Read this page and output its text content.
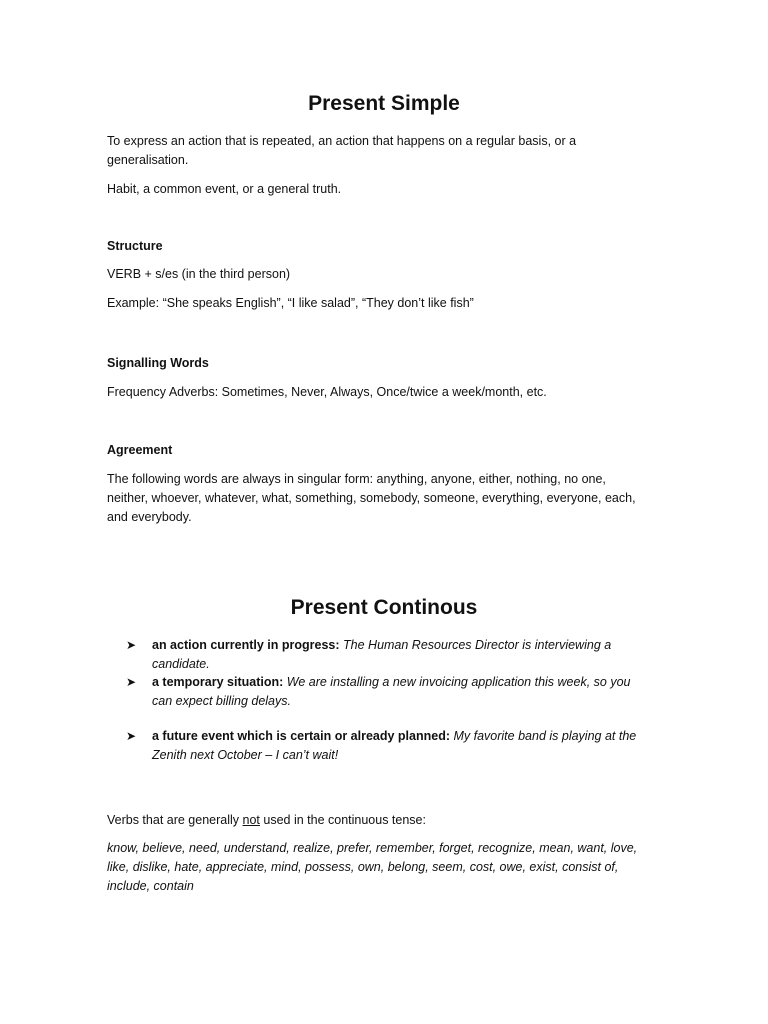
Present Simple

To express an action that is repeated, an action that happens on a regular basis, or a

generalisation.

Habit, a common event, or a general truth.

Structure

VERB + s/es (in the third person)

Example: “She speaks English”, “I like salad”, “They don’t like fish”

Signalling Words

Frequency Adverbs: Sometimes, Never, Always, Once/twice a week/month, etc.

Agreement

The following words are always in singular form: anything, anyone, either, nothing, no one,

neither, whoever, whatever, what, something, somebody, someone, everything, everyone, each,

and everybody.

Present Continous
➤ an action currently in progress: The Human Resources Director is interviewing a candidate.
➤ a temporary situation: We are installing a new invoicing application this week, so you can expect billing delays.
➤ a future event which is certain or already planned: My favorite band is playing at the Zenith next October – I can’t wait!

Verbs that are generally not used in the continuous tense:

know, believe, need, understand, realize, prefer, remember, forget, recognize, mean, want, love,

like, dislike, hate, appreciate, mind, possess, own, belong, seem, cost, owe, exist, consist of,

include, contain
